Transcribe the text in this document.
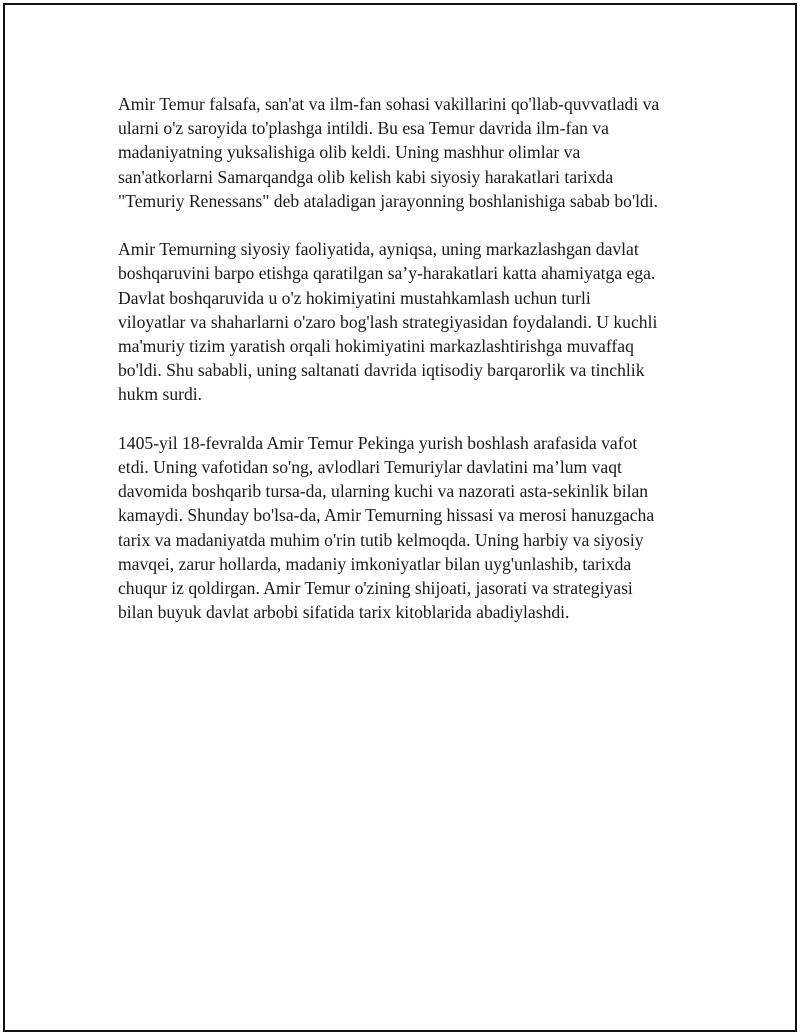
Amir Temur falsafa, san'at va ilm-fan sohasi vakillarini qo'llab-quvvatladi va
ularni o'z saroyida to'plashga intildi. Bu esa Temur davrida ilm-fan va
madaniyatning yuksalishiga olib keldi. Uning mashhur olimlar va
san'atkorlarni Samarqandga olib kelish kabi siyosiy harakatlari tarixda
"Temuriy Renessans" deb ataladigan jarayonning boshlanishiga sabab bo'ldi.

Amir Temurning siyosiy faoliyatida, ayniqsa, uning markazlashgan davlat
boshqaruvini barpo etishga qaratilgan sa’y-harakatlari katta ahamiyatga ega.
Davlat boshqaruvida u o'z hokimiyatini mustahkamlash uchun turli
viloyatlar va shaharlarni o'zaro bog'lash strategiyasidan foydalandi. U kuchli
ma'muriy tizim yaratish orqali hokimiyatini markazlashtirishga muvaffaq
bo'ldi. Shu sababli, uning saltanati davrida iqtisodiy barqarorlik va tinchlik
hukm surdi.

1405-yil 18-fevralda Amir Temur Pekinga yurish boshlash arafasida vafot
etdi. Uning vafotidan so'ng, avlodlari Temuriylar davlatini ma’lum vaqt
davomida boshqarib tursa-da, ularning kuchi va nazorati asta-sekinlik bilan
kamaydi. Shunday bo'lsa-da, Amir Temurning hissasi va merosi hanuzgacha
tarix va madaniyatda muhim o'rin tutib kelmoqda. Uning harbiy va siyosiy
mavqei, zarur hollarda, madaniy imkoniyatlar bilan uyg'unlashib, tarixda
chuqur iz qoldirgan. Amir Temur o'zining shijoati, jasorati va strategiyasi
bilan buyuk davlat arbobi sifatida tarix kitoblarida abadiylashdi.
